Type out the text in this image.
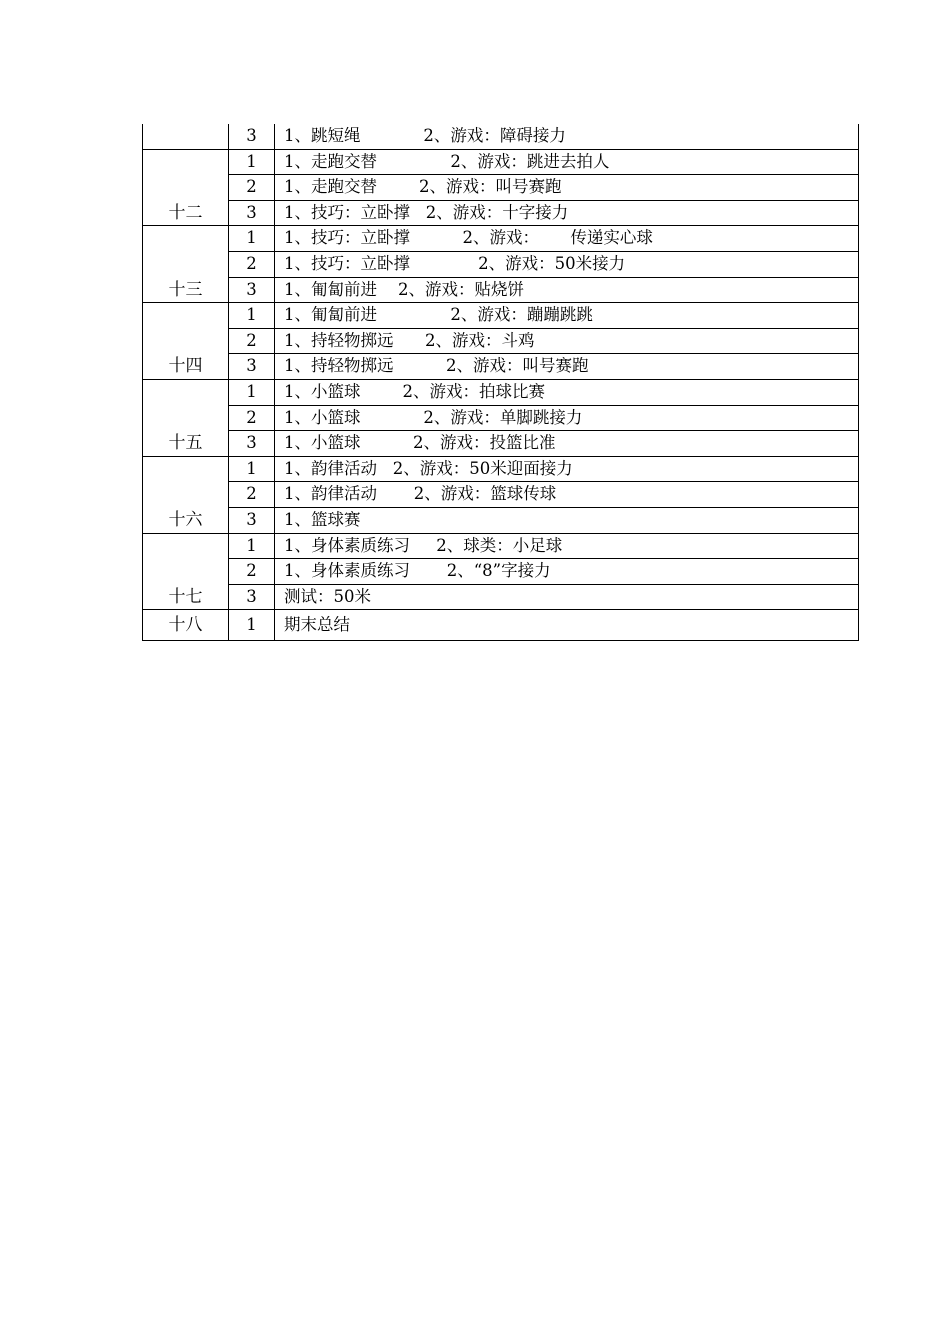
	3	1、跳短绳            2、游戏：障碍接力
十二	1	1、走跑交替              2、游戏：跳进去拍人
	2	1、走跑交替        2、游戏：叫号赛跑
	3	1、技巧：立卧撑   2、游戏：十字接力
十三	1	1、技巧：立卧撑          2、游戏：      传递实心球
	2	1、技巧：立卧撑             2、游戏：50米接力
	3	1、匍匐前进    2、游戏：贴烧饼
十四	1	1、匍匐前进              2、游戏：蹦蹦跳跳
	2	1、持轻物掷远      2、游戏：斗鸡
	3	1、持轻物掷远          2、游戏：叫号赛跑
十五	1	1、小篮球        2、游戏：拍球比赛
	2	1、小篮球            2、游戏：单脚跳接力
	3	1、小篮球          2、游戏：投篮比准
十六	1	1、韵律活动   2、游戏：50米迎面接力
	2	1、韵律活动       2、游戏：篮球传球
	3	1、篮球赛
十七	1	1、身体素质练习     2、球类：小足球
	2	1、身体素质练习       2、“8”字接力
	3	测试：50米
十八	1	期末总结
